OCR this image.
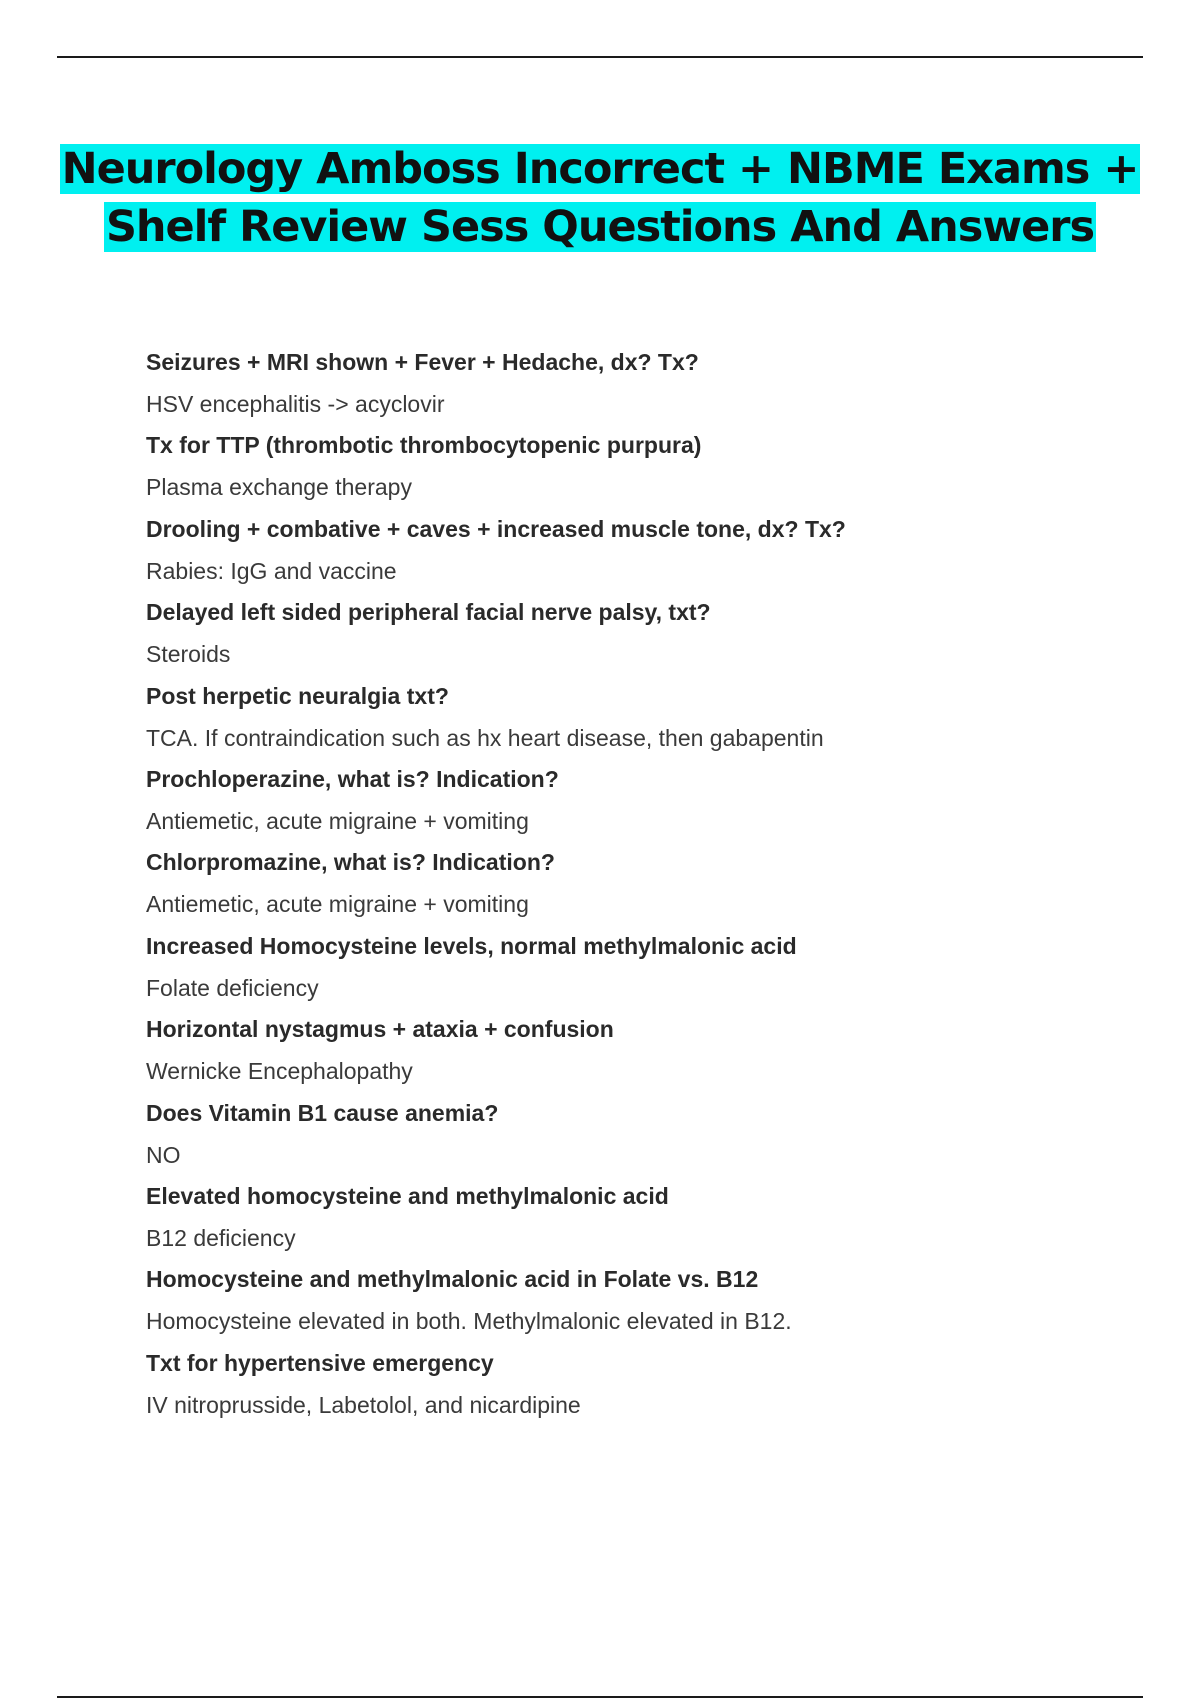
Neurology Amboss Incorrect + NBME Exams +

Shelf Review Sess Questions And Answers

Seizures + MRI shown + Fever + Hedache, dx? Tx?
HSV encephalitis -> acyclovir
Tx for TTP (thrombotic thrombocytopenic purpura)
Plasma exchange therapy
Drooling + combative + caves + increased muscle tone, dx? Tx?
Rabies: IgG and vaccine
Delayed left sided peripheral facial nerve palsy, txt?
Steroids
Post herpetic neuralgia txt?
TCA. If contraindication such as hx heart disease, then gabapentin
Prochloperazine, what is? Indication?
Antiemetic, acute migraine + vomiting
Chlorpromazine, what is? Indication?
Antiemetic, acute migraine + vomiting
Increased Homocysteine levels, normal methylmalonic acid
Folate deficiency
Horizontal nystagmus + ataxia + confusion
Wernicke Encephalopathy
Does Vitamin B1 cause anemia?
NO
Elevated homocysteine and methylmalonic acid
B12 deficiency
Homocysteine and methylmalonic acid in Folate vs. B12
Homocysteine elevated in both. Methylmalonic elevated in B12.
Txt for hypertensive emergency
IV nitroprusside, Labetolol, and nicardipine
